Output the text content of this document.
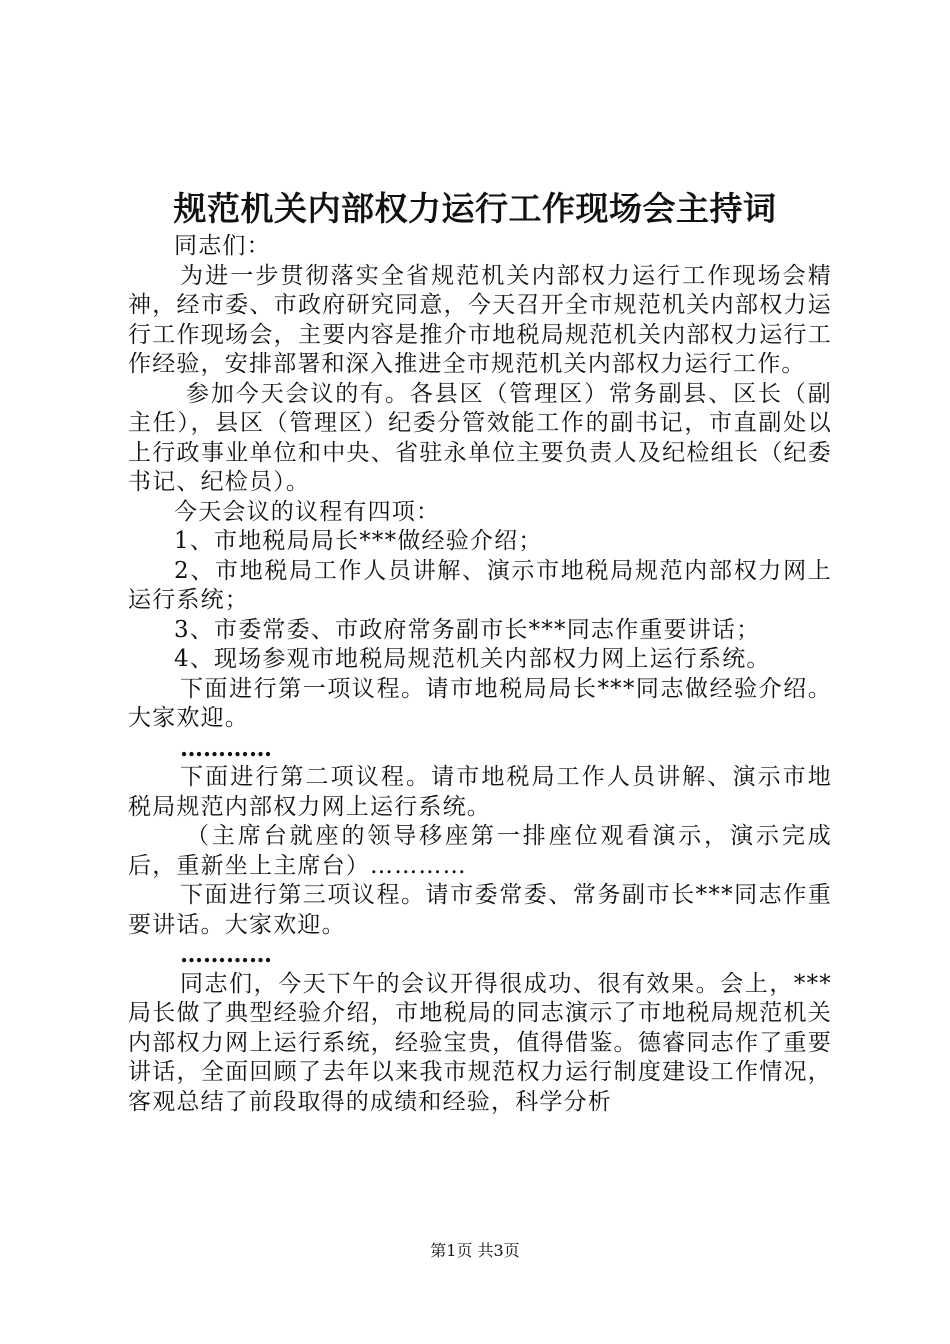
规范机关内部权力运行工作现场会主持词

同志们：

为进一步贯彻落实全省规范机关内部权力运行工作现场会精神，经市委、市政府研究同意，今天召开全市规范机关内部权力运行工作现场会，主要内容是推介市地税局规范机关内部权力运行工作经验，安排部署和深入推进全市规范机关内部权力运行工作。

参加今天会议的有。各县区（管理区）常务副县、区长（副主任），县区（管理区）纪委分管效能工作的副书记，市直副处以上行政事业单位和中央、省驻永单位主要负责人及纪检组长（纪委书记、纪检员）。

今天会议的议程有四项：

1、市地税局局长***做经验介绍；

2、市地税局工作人员讲解、演示市地税局规范内部权力网上运行系统；

3、市委常委、市政府常务副市长***同志作重要讲话；

4、现场参观市地税局规范机关内部权力网上运行系统。

下面进行第一项议程。请市地税局局长***同志做经验介绍。大家欢迎。

…………

下面进行第二项议程。请市地税局工作人员讲解、演示市地税局规范内部权力网上运行系统。

（主席台就座的领导移座第一排座位观看演示，演示完成后，重新坐上主席台）…………

下面进行第三项议程。请市委常委、常务副市长***同志作重要讲话。大家欢迎。

…………

同志们，今天下午的会议开得很成功、很有效果。会上，***局长做了典型经验介绍，市地税局的同志演示了市地税局规范机关内部权力网上运行系统，经验宝贵，值得借鉴。德睿同志作了重要讲话，全面回顾了去年以来我市规范权力运行制度建设工作情况，客观总结了前段取得的成绩和经验，科学分析

第1页 共3页
